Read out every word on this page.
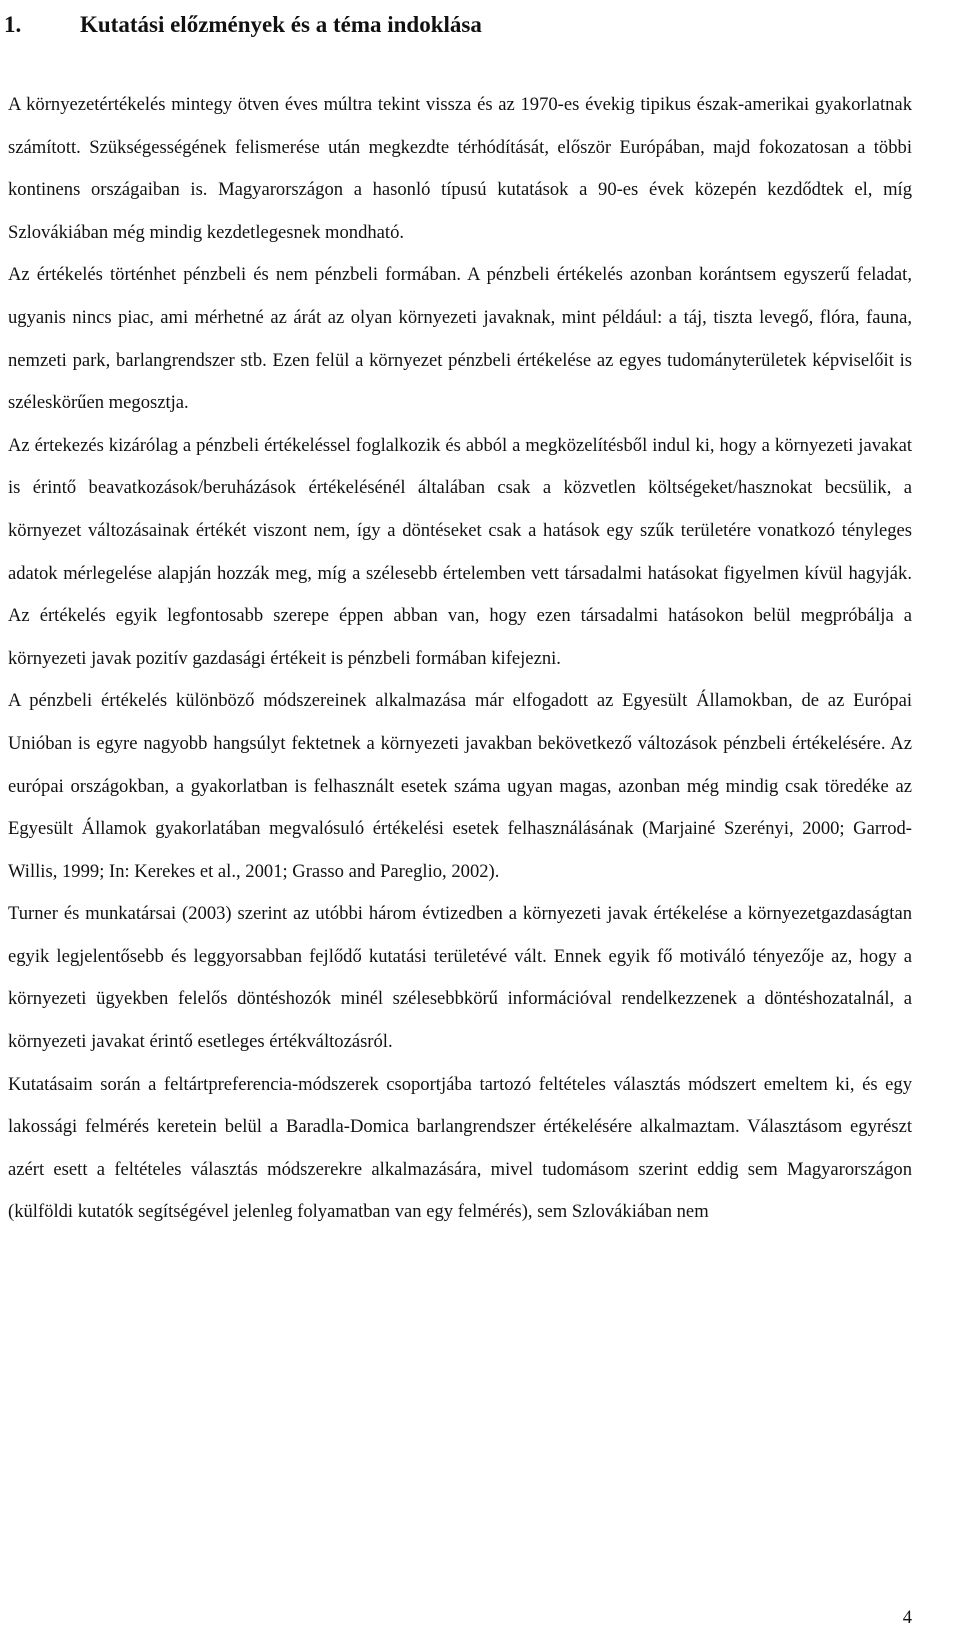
1.	Kutatási előzmények és a téma indoklása

A környezetértékelés mintegy ötven éves múltra tekint vissza és az 1970-es évekig tipikus észak-amerikai gyakorlatnak számított. Szükségességének felismerése után megkezdte térhódítását, először Európában, majd fokozatosan a többi kontinens országaiban is. Magyarországon a hasonló típusú kutatások a 90-es évek közepén kezdődtek el, míg Szlovákiában még mindig kezdetlegesnek mondható.

Az értékelés történhet pénzbeli és nem pénzbeli formában. A pénzbeli értékelés azonban korántsem egyszerű feladat, ugyanis nincs piac, ami mérhetné az árát az olyan környezeti javaknak, mint például: a táj, tiszta levegő, flóra, fauna, nemzeti park, barlangrendszer stb. Ezen felül a környezet pénzbeli értékelése az egyes tudományterületek képviselőit is széleskörűen megosztja.

Az értekezés kizárólag a pénzbeli értékeléssel foglalkozik és abból a megközelítésből indul ki, hogy a környezeti javakat is érintő beavatkozások/beruházások értékelésénél általában csak a közvetlen költségeket/hasznokat becsülik, a környezet változásainak értékét viszont nem, így a döntéseket csak a hatások egy szűk területére vonatkozó tényleges adatok mérlegelése alapján hozzák meg, míg a szélesebb értelemben vett társadalmi hatásokat figyelmen kívül hagyják. Az értékelés egyik legfontosabb szerepe éppen abban van, hogy ezen társadalmi hatásokon belül megpróbálja a környezeti javak pozitív gazdasági értékeit is pénzbeli formában kifejezni.

A pénzbeli értékelés különböző módszereinek alkalmazása már elfogadott az Egyesült Államokban, de az Európai Unióban is egyre nagyobb hangsúlyt fektetnek a környezeti javakban bekövetkező változások pénzbeli értékelésére. Az európai országokban, a gyakorlatban is felhasznált esetek száma ugyan magas, azonban még mindig csak töredéke az Egyesült Államok gyakorlatában megvalósuló értékelési esetek felhasználásának (Marjainé Szerényi, 2000; Garrod-Willis, 1999; In: Kerekes et al., 2001; Grasso and Pareglio, 2002).

Turner és munkatársai (2003) szerint az utóbbi három évtizedben a környezeti javak értékelése a környezetgazdaságtan egyik legjelentősebb és leggyorsabban fejlődő kutatási területévé vált. Ennek egyik fő motiváló tényezője az, hogy a környezeti ügyekben felelős döntéshozók minél szélesebbkörű információval rendelkezzenek a döntéshozatalnál, a környezeti javakat érintő esetleges értékváltozásról.

Kutatásaim során a feltártpreferencia-módszerek csoportjába tartozó feltételes választás módszert emeltem ki, és egy lakossági felmérés keretein belül a Baradla-Domica barlangrendszer értékelésére alkalmaztam. Választásom egyrészt azért esett a feltételes választás módszerekre alkalmazására, mivel tudomásom szerint eddig sem Magyarországon (külföldi kutatók segítségével jelenleg folyamatban van egy felmérés), sem Szlovákiában nem

4
